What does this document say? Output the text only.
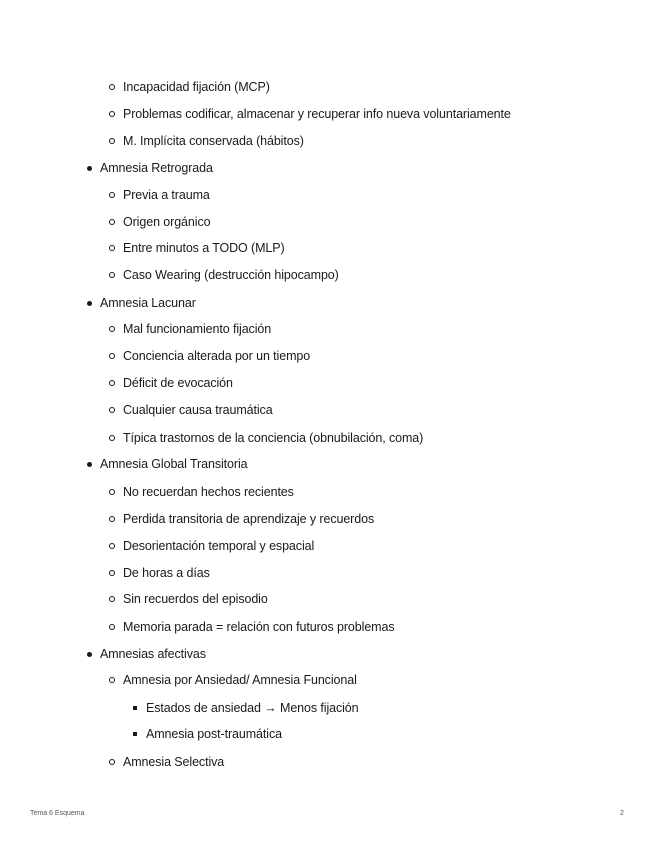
Incapacidad fijación (MCP)
Problemas codificar, almacenar y recuperar info nueva voluntariamente
M. Implícita conservada (hábitos)
Amnesia Retrograda
Previa a trauma
Origen orgánico
Entre minutos a TODO (MLP)
Caso Wearing (destrucción hipocampo)
Amnesia Lacunar
Mal funcionamiento fijación
Conciencia alterada por un tiempo
Déficit de evocación
Cualquier causa traumática
Típica trastornos de la conciencia (obnubilación, coma)
Amnesia Global Transitoria
No recuerdan hechos recientes
Perdida transitoria de aprendizaje y recuerdos
Desorientación temporal y espacial
De horas a días
Sin recuerdos del episodio
Memoria parada = relación con futuros problemas
Amnesias afectivas
Amnesia por Ansiedad/ Amnesia Funcional
Estados de ansiedad → Menos fijación
Amnesia post-traumática
Amnesia Selectiva
Tema 6 Esquema	2
